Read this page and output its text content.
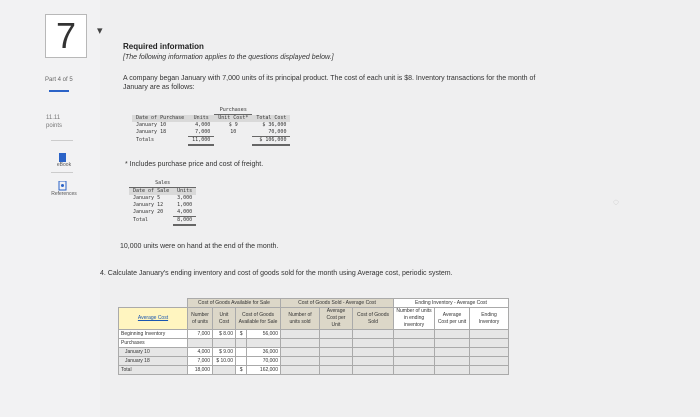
7
Part 4 of 5
11.11
points
eBook
References
▾
Required information
[The following information applies to the questions displayed below.]
A company began January with 7,000 units of its principal product. The cost of each unit is $8. Inventory transactions for the month of January are as follows:
		Purchases	
Date of Purchase	Units	Unit Cost*	Total Cost
January 10	4,000	$ 9	$ 36,000
January 18	7,000	10	70,000
Totals	11,000		$ 106,000
* Includes purchase price and cost of freight.
Sales	
Date of Sale	Units
January 5	3,000
January 12	1,000
January 20	4,000
Total	8,000
◌
10,000 units were on hand at the end of the month.
4. Calculate January's ending inventory and cost of goods sold for the month using Average cost, periodic system.
	Cost of Goods Available for Sale				Cost of Goods Sold - Average Cost			Ending Inventory - Average Cost		
Average Cost	Number of units	Unit Cost	Cost of Goods Available for Sale		Number of units sold	Average Cost per Unit	Cost of Goods Sold	Number of units in ending inventory	Average Cost per unit	Ending Inventory
Beginning Inventory	7,000	$ 8.00	$	56,000						
Purchases										
January 10	4,000	$ 9.00		36,000						
January 18	7,000	$ 10.00		70,000						
Total	18,000		$	162,000						
